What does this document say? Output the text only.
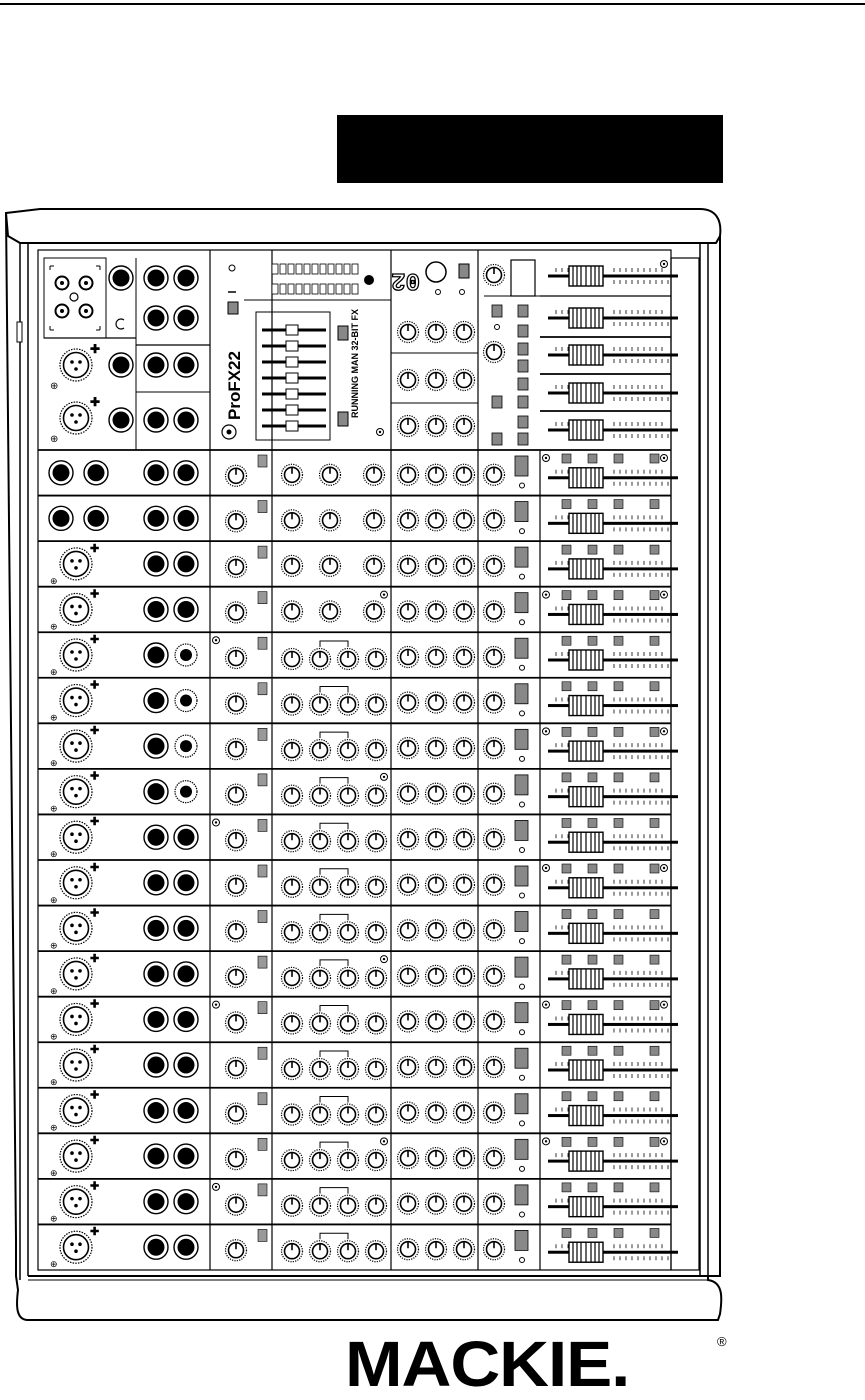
✚
✚
⊕
⊕
ProFX22	RUNNING MAN 32-BIT FX
02
✚
⊕
✚
⊕
✚
⊕
✚
⊕
✚
⊕
✚
⊕
✚
⊕
✚
⊕
✚
⊕
✚
⊕
✚
⊕
✚
⊕
✚
⊕
✚
⊕
✚
⊕
✚
⊕
MACKIE.	®
